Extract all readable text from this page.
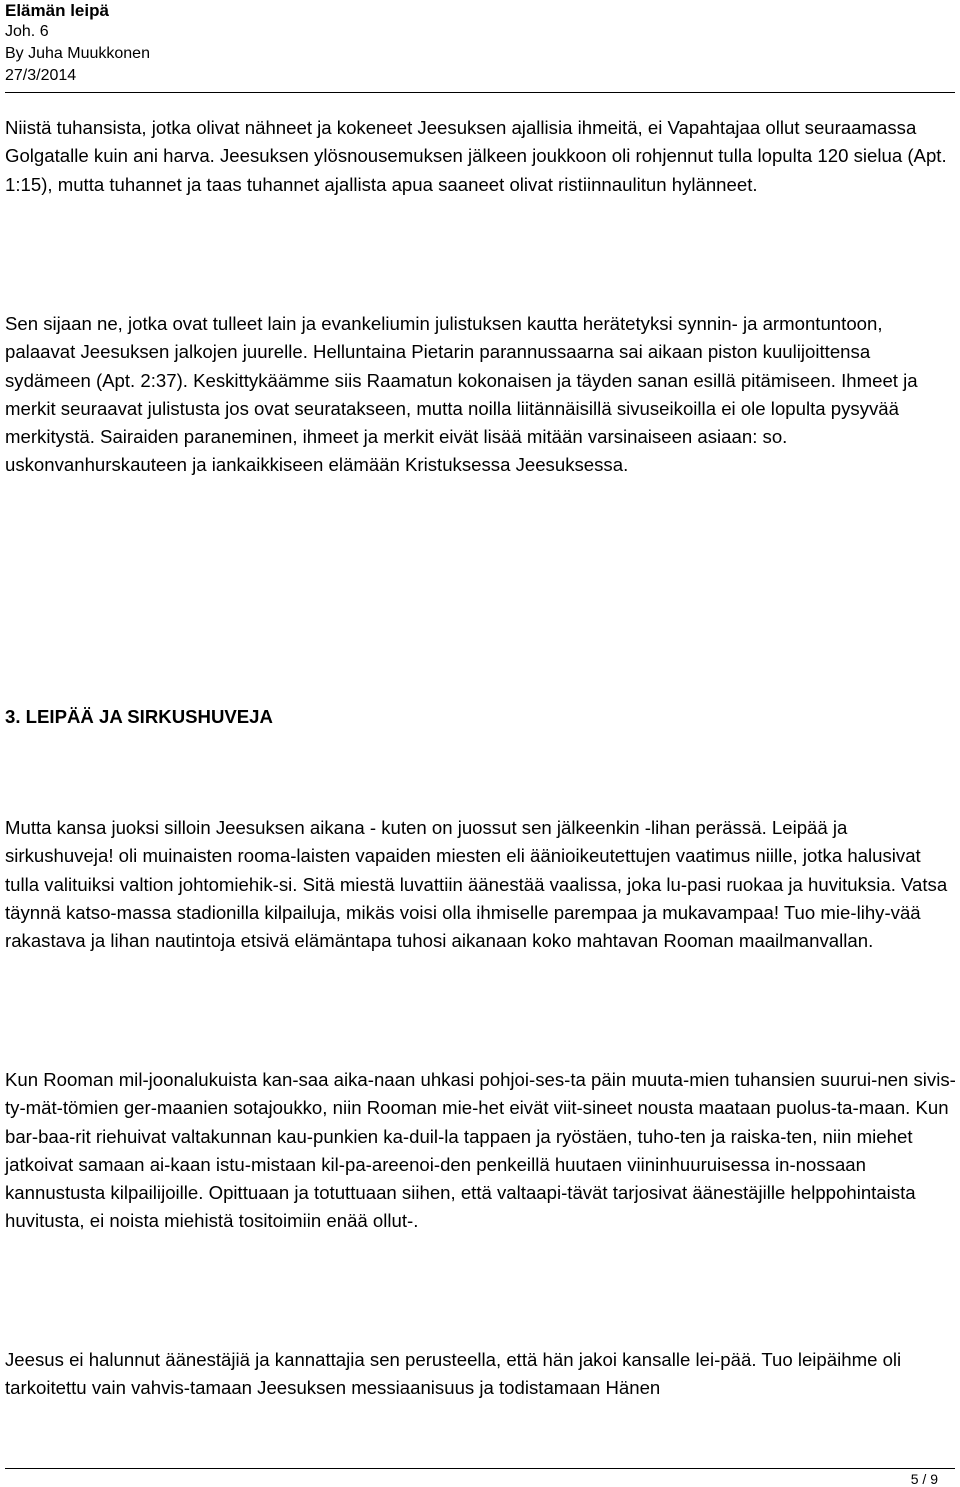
Elämän leipä
Joh. 6
By Juha Muukkonen
27/3/2014

Niistä tuhansista, jotka olivat nähneet ja kokeneet Jeesuksen ajallisia ihmeitä, ei Vapahtajaa ollut seuraamassa Golgatalle kuin ani harva. Jeesuksen ylösnousemuksen jälkeen joukkoon oli rohjennut tulla lopulta 120 sielua (Apt. 1:15), mutta tuhannet ja taas tuhannet ajallista apua saaneet olivat ristiinnaulitun hylänneet.

Sen sijaan ne, jotka ovat tulleet lain ja evankeliumin julistuksen kautta herätetyksi synnin- ja armontuntoon, palaavat Jeesuksen jalkojen juurelle. Helluntaina Pietarin parannussaarna sai aikaan piston kuulijoittensa sydämeen (Apt. 2:37). Keskittykäämme siis Raamatun kokonaisen ja täyden sanan esillä pitämiseen. Ihmeet ja merkit seuraavat julistusta jos ovat seuratakseen, mutta noilla liitännäisillä sivuseikoilla ei ole lopulta pysyvää merkitystä. Sairaiden paraneminen, ihmeet ja merkit eivät lisää mitään varsinaiseen asiaan: so. uskonvanhurskauteen ja iankaikkiseen elämään Kristuksessa Jeesuksessa.

3. LEIPÄÄ JA SIRKUSHUVEJA

Mutta kansa juoksi silloin Jeesuksen aikana - kuten on juossut sen jälkeenkin -lihan perässä. Leipää ja sirkushuveja! oli muinaisten rooma-laisten vapaiden miesten eli äänioikeutettujen vaatimus niille, jotka halusivat tulla valituiksi valtion johtomiehik-si. Sitä miestä luvattiin äänestää vaalissa, joka lu-pasi ruokaa ja huvituksia. Vatsa täynnä katso-massa stadionilla kilpailuja, mikäs voisi olla ihmiselle parempaa ja mukavampaa! Tuo mie-lihy-vää rakastava ja lihan nautintoja etsivä elämäntapa tuhosi aikanaan koko mahtavan Rooman maailmanvallan.

Kun Rooman mil-joonalukuista kan-saa aika-naan uhkasi pohjoi-ses-ta päin muuta-mien tuhansien suurui-nen sivis-ty-mät-tömien ger-maanien sotajoukko, niin Rooman mie-het eivät viit-sineet nousta maataan puolus-ta-maan. Kun bar-baa-rit riehuivat valtakunnan kau-punkien ka-duil-la tappaen ja ryöstäen, tuho-ten ja raiska-ten, niin miehet jatkoivat samaan ai-kaan istu-mistaan kil-pa-areenoi-den penkeillä huutaen viininhuuruisessa in-nossaan kannustusta kilpailijoille. Opittuaan ja totuttuaan siihen, että valtaapi-tävät tarjosivat äänestäjille helppohintaista huvitusta, ei noista miehistä tositoimiin enää ollut-.

Jeesus ei halunnut äänestäjiä ja kannattajia sen perusteella, että hän jakoi kansalle lei-pää. Tuo leipäihme oli tarkoitettu vain vahvis-tamaan Jeesuksen messiaanisuus ja todistamaan Hänen

5 / 9
